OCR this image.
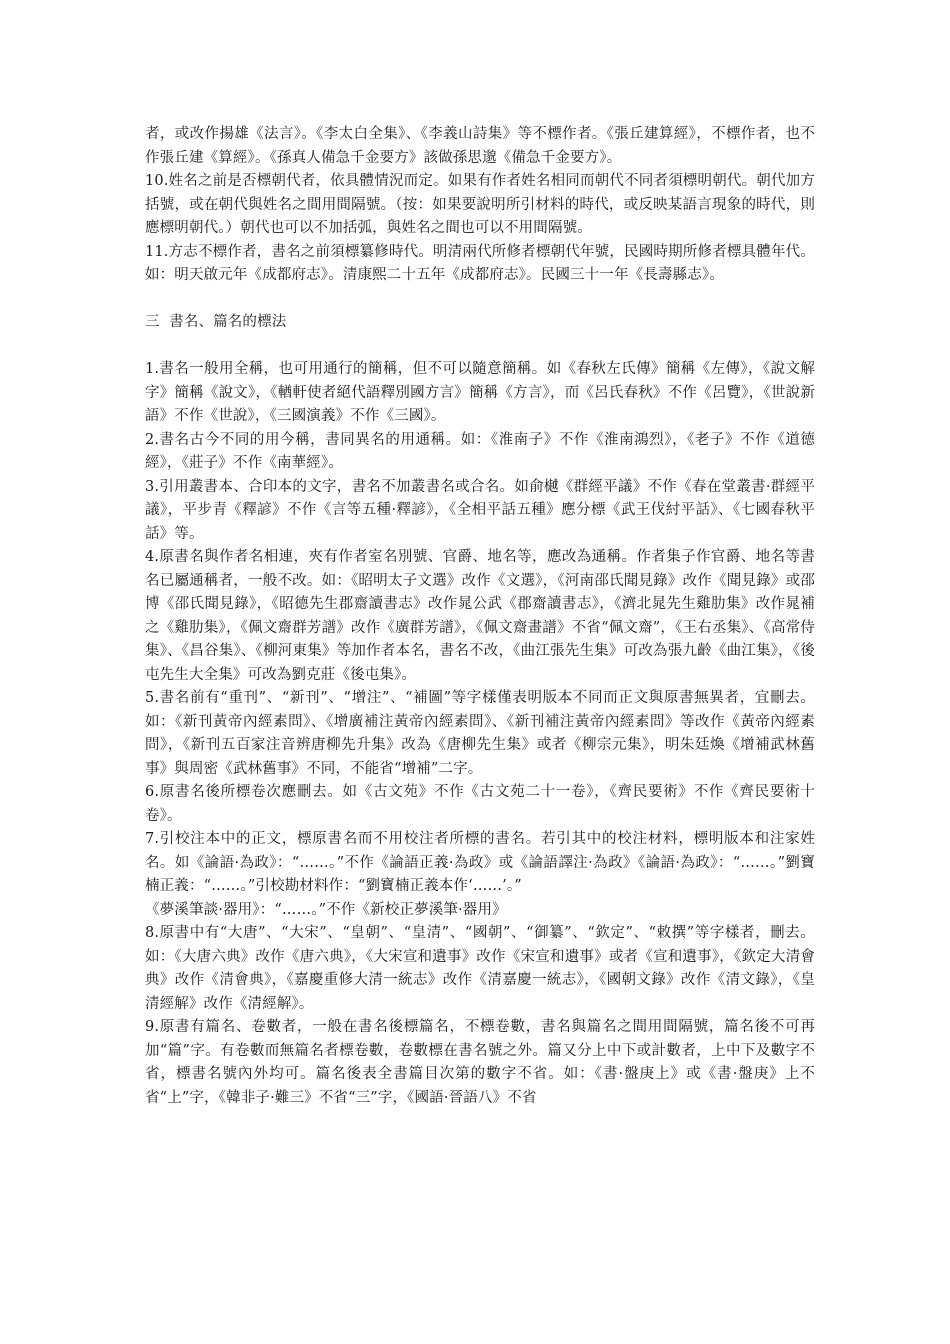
者，或改作揚雄《法言》。《李太白全集》、《李義山詩集》等不標作者。《張丘建算經》，不標作者，也不作張丘建《算經》。《孫真人備急千金要方》該做孫思邈《備急千金要方》。

10.姓名之前是否標朝代者，依具體情況而定。如果有作者姓名相同而朝代不同者須標明朝代。朝代加方括號，或在朝代與姓名之間用間隔號。（按：如果要說明所引材料的時代，或反映某語言現象的時代，則應標明朝代。）朝代也可以不加括弧，與姓名之間也可以不用間隔號。

11.方志不標作者，書名之前須標纂修時代。明清兩代所修者標朝代年號，民國時期所修者標具體年代。如：明天啟元年《成都府志》。清康熙二十五年《成都府志》。民國三十一年《長壽縣志》。

三  書名、篇名的標法

1.書名一般用全稱，也可用通行的簡稱，但不可以隨意簡稱。如《春秋左氏傳》簡稱《左傳》，《說文解字》簡稱《說文》，《輶軒使者絕代語釋別國方言》簡稱《方言》，而《呂氏春秋》不作《呂覽》，《世說新語》不作《世說》，《三國演義》不作《三國》。

2.書名古今不同的用今稱，書同異名的用通稱。如：《淮南子》不作《淮南鴻烈》，《老子》不作《道德經》，《莊子》不作《南華經》。

3.引用叢書本、合印本的文字，書名不加叢書名或合名。如俞樾《群經平議》不作《春在堂叢書·群經平議》，平步青《釋諺》不作《言等五種·釋諺》，《全相平話五種》應分標《武王伐紂平話》、《七國春秋平話》等。

4.原書名與作者名相連，夾有作者室名別號、官爵、地名等，應改為通稱。作者集子作官爵、地名等書名已屬通稱者，一般不改。如：《昭明太子文選》改作《文選》，《河南邵氏聞見錄》改作《聞見錄》或邵博《邵氏聞見錄》，《昭德先生郡齋讀書志》改作晁公武《郡齋讀書志》，《濟北晁先生雞肋集》改作晁補之《雞肋集》，《佩文齋群芳譜》改作《廣群芳譜》，《佩文齋畫譜》不省“佩文齋”，《王右丞集》、《高常侍集》、《昌谷集》、《柳河東集》等加作者本名，書名不改，《曲江張先生集》可改為張九齡《曲江集》，《後屯先生大全集》可改為劉克莊《後屯集》。

5.書名前有“重刊”、“新刊”、“增注”、“補圖”等字樣僅表明版本不同而正文與原書無異者，宜刪去。如：《新刊黃帝內經素問》、《增廣補注黃帝內經素問》、《新刊補注黃帝內經素問》等改作《黃帝內經素問》，《新刊五百家注音辨唐柳先升集》改為《唐柳先生集》或者《柳宗元集》，明朱廷煥《增補武林舊事》與周密《武林舊事》不同，不能省“增補”二字。

6.原書名後所標卷次應刪去。如《古文苑》不作《古文苑二十一卷》，《齊民要術》不作《齊民要術十卷》。

7.引校注本中的正文，標原書名而不用校注者所標的書名。若引其中的校注材料，標明版本和注家姓名。如《論語·為政》：“……。”不作《論語正義·為政》或《論語譯注·為政》《論語·為政》：“……。”劉寶楠正義：“……。”引校勘材料作：“劉寶楠正義本作‘……’。”

《夢溪筆談·器用》：“……。”不作《新校正夢溪筆·器用》

8.原書中有“大唐”、“大宋”、“皇朝”、“皇清”、“國朝”、“御纂”、“欽定”、“敕撰”等字樣者，刪去。如：《大唐六典》改作《唐六典》，《大宋宣和遺事》改作《宋宣和遺事》或者《宣和遺事》，《欽定大清會典》改作《清會典》，《嘉慶重修大清一統志》改作《清嘉慶一統志》，《國朝文錄》改作《清文錄》，《皇清經解》改作《清經解》。

9.原書有篇名、卷數者，一般在書名後標篇名，不標卷數，書名與篇名之間用間隔號，篇名後不可再加“篇”字。有卷數而無篇名者標卷數，卷數標在書名號之外。篇又分上中下或計數者，上中下及數字不省，標書名號內外均可。篇名後表全書篇目次第的數字不省。如：《書·盤庚上》或《書·盤庚》上不省“上”字，《韓非子·難三》不省“三”字，《國語·晉語八》不省
